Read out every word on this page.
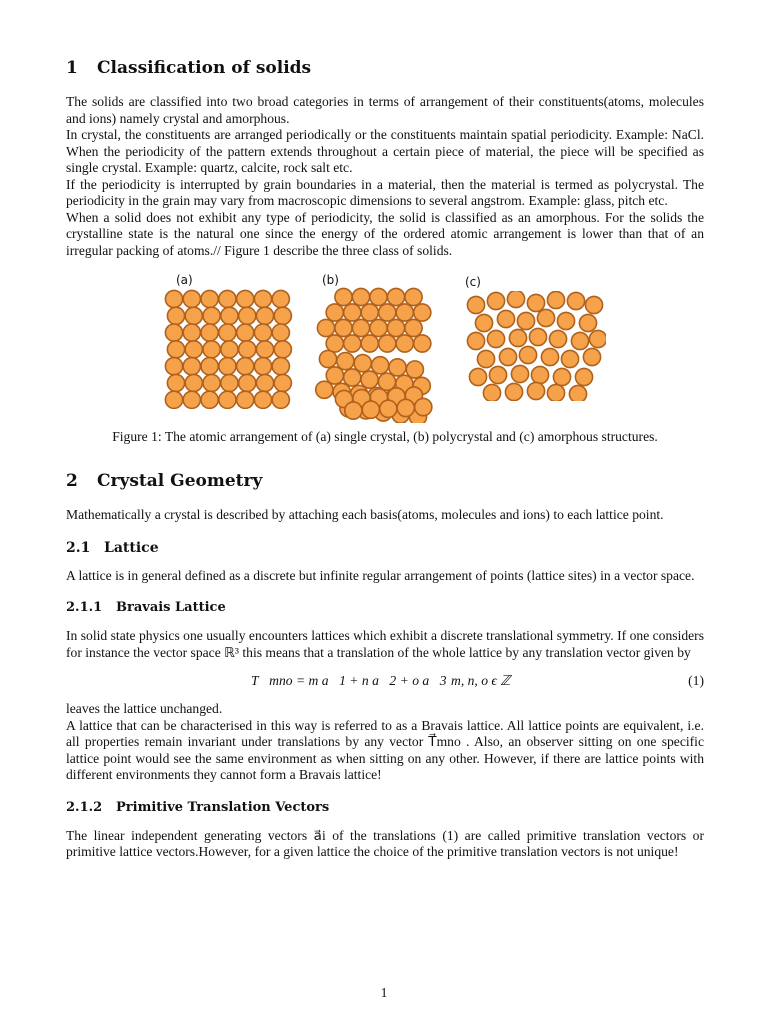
1 Classification of solids

The solids are classified into two broad categories in terms of arrangement of their constituents(atoms, molecules and ions) namely crystal and amorphous.

In crystal, the constituents are arranged periodically or the constituents maintain spatial periodicity. Example: NaCl. When the periodicity of the pattern extends throughout a certain piece of material, the piece will be specified as single crystal. Example: quartz, calcite, rock salt etc.

If the periodicity is interrupted by grain boundaries in a material, then the material is termed as polycrystal. The periodicity in the grain may vary from macroscopic dimensions to several angstrom. Example: glass, pitch etc.

When a solid does not exhibit any type of periodicity, the solid is classified as an amorphous. For the solids the crystalline state is the natural one since the energy of the ordered atomic arrangement is lower than that of an irregular packing of atoms.// Figure 1 describe the three class of solids.

(a)	(b)	(c)
Figure 1: The atomic arrangement of (a) single crystal, (b) polycrystal and (c) amorphous structures.
2 Crystal Geometry

Mathematically a crystal is described by attaching each basis(atoms, molecules and ions) to each lattice point.

2.1 Lattice

A lattice is in general defined as a discrete but infinite regular arrangement of points (lattice sites) in a vector space.

2.1.1 Bravais Lattice

In solid state physics one usually encounters lattices which exhibit a discrete translational symmetry. If one considers for instance the vector space ℝ³ this means that a translation of the whole lattice by any translation vector given by

T⃗mno = m a⃗1 + n a⃗2 + o a⃗3 m, n, o ϵ ℤ	(1)

leaves the lattice unchanged.

A lattice that can be characterised in this way is referred to as a Bravais lattice. All lattice points are equivalent, i.e. all properties remain invariant under translations by any vector T⃗mno . Also, an observer sitting on one specific lattice point would see the same environment as when sitting on any other. However, if there are lattice points with different environments they cannot form a Bravais lattice!

2.1.2 Primitive Translation Vectors

The linear independent generating vectors a⃗i of the translations (1) are called primitive translation vectors or primitive lattice vectors.However, for a given lattice the choice of the primitive translation vectors is not unique!

1
